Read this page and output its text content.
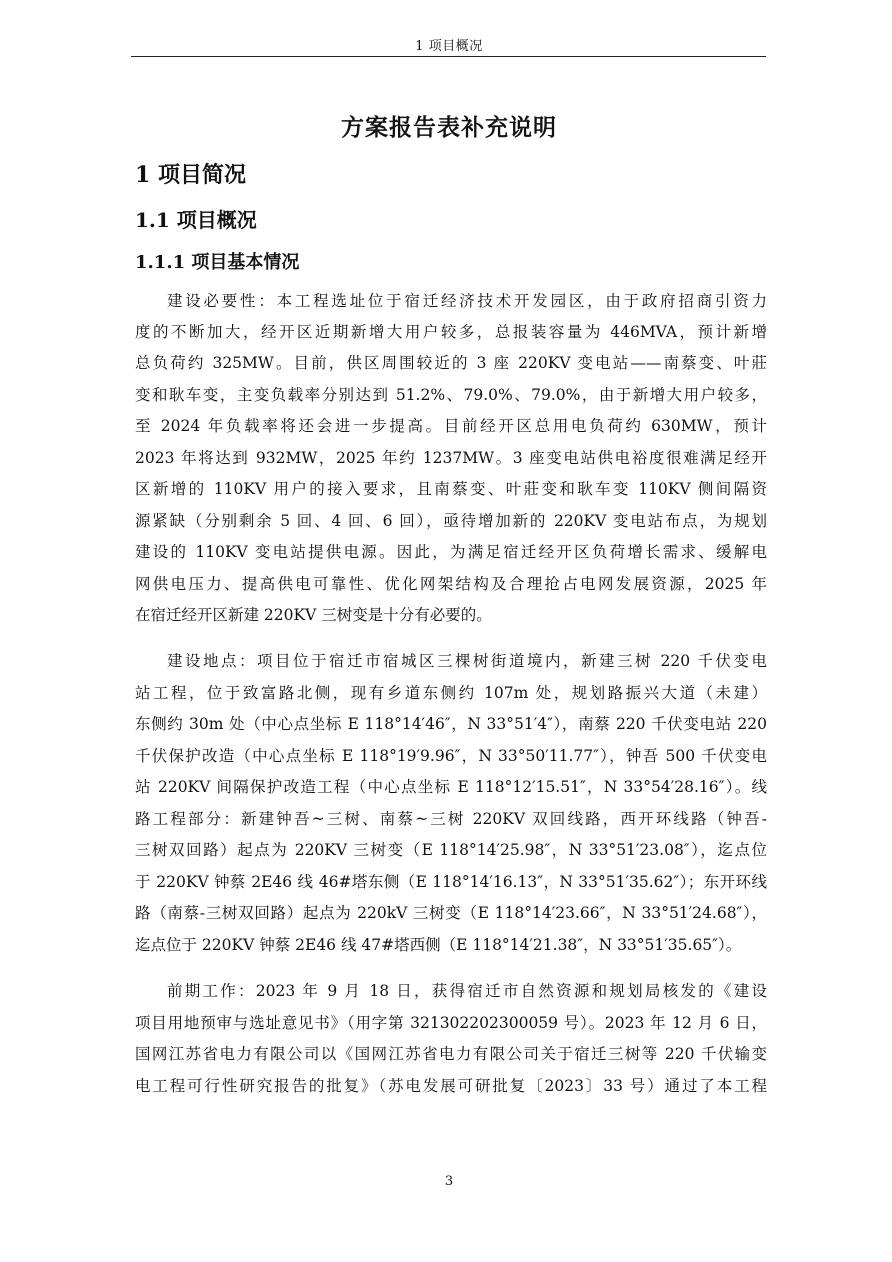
1 项目概况
方案报告表补充说明
1 项目简况
1.1 项目概况
1.1.1 项目基本情况
建设必要性：本工程选址位于宿迁经济技术开发园区，由于政府招商引资力
度的不断加大，经开区近期新增大用户较多，总报装容量为 446MVA，预计新增
总负荷约 325MW。目前，供区周围较近的 3 座 220KV 变电站——南蔡变、叶莊
变和耿车变，主变负载率分别达到 51.2%、79.0%、79.0%，由于新增大用户较多，
至 2024 年负载率将还会进一步提高。目前经开区总用电负荷约 630MW，预计
2023 年将达到 932MW，2025 年约 1237MW。3 座变电站供电裕度很难满足经开
区新增的 110KV 用户的接入要求，且南蔡变、叶莊变和耿车变 110KV 侧间隔资
源紧缺（分别剩余 5 回、4 回、6 回），亟待增加新的 220KV 变电站布点，为规划
建设的 110KV 变电站提供电源。因此，为满足宿迁经开区负荷增长需求、缓解电
网供电压力、提高供电可靠性、优化网架结构及合理抢占电网发展资源，2025 年
在宿迁经开区新建 220KV 三树变是十分有必要的。
建设地点：项目位于宿迁市宿城区三棵树街道境内，新建三树 220 千伏变电
站工程，位于致富路北侧，现有乡道东侧约 107m 处，规划路振兴大道（未建）
东侧约 30m 处（中心点坐标 E 118°14′46″，N 33°51′4″），南蔡 220 千伏变电站 220
千伏保护改造（中心点坐标 E 118°19′9.96″，N 33°50′11.77″），钟吾 500 千伏变电
站 220KV 间隔保护改造工程（中心点坐标 E 118°12′15.51″，N 33°54′28.16″）。线
路工程部分：新建钟吾~三树、南蔡~三树 220KV 双回线路，西开环线路（钟吾-
三树双回路）起点为 220KV 三树变（E 118°14′25.98″，N 33°51′23.08″），迄点位
于 220KV 钟蔡 2E46 线 46#塔东侧（E 118°14′16.13″，N 33°51′35.62″）；东开环线
路（南蔡-三树双回路）起点为 220kV 三树变（E 118°14′23.66″，N 33°51′24.68″），
迄点位于 220KV 钟蔡 2E46 线 47#塔西侧（E 118°14′21.38″，N 33°51′35.65″）。
前期工作：2023 年 9 月 18 日，获得宿迁市自然资源和规划局核发的《建设
项目用地预审与选址意见书》（用字第 321302202300059 号）。2023 年 12 月 6 日，
国网江苏省电力有限公司以《国网江苏省电力有限公司关于宿迁三树等 220 千伏输变
电工程可行性研究报告的批复》（苏电发展可研批复〔2023〕33 号）通过了本工程
3
